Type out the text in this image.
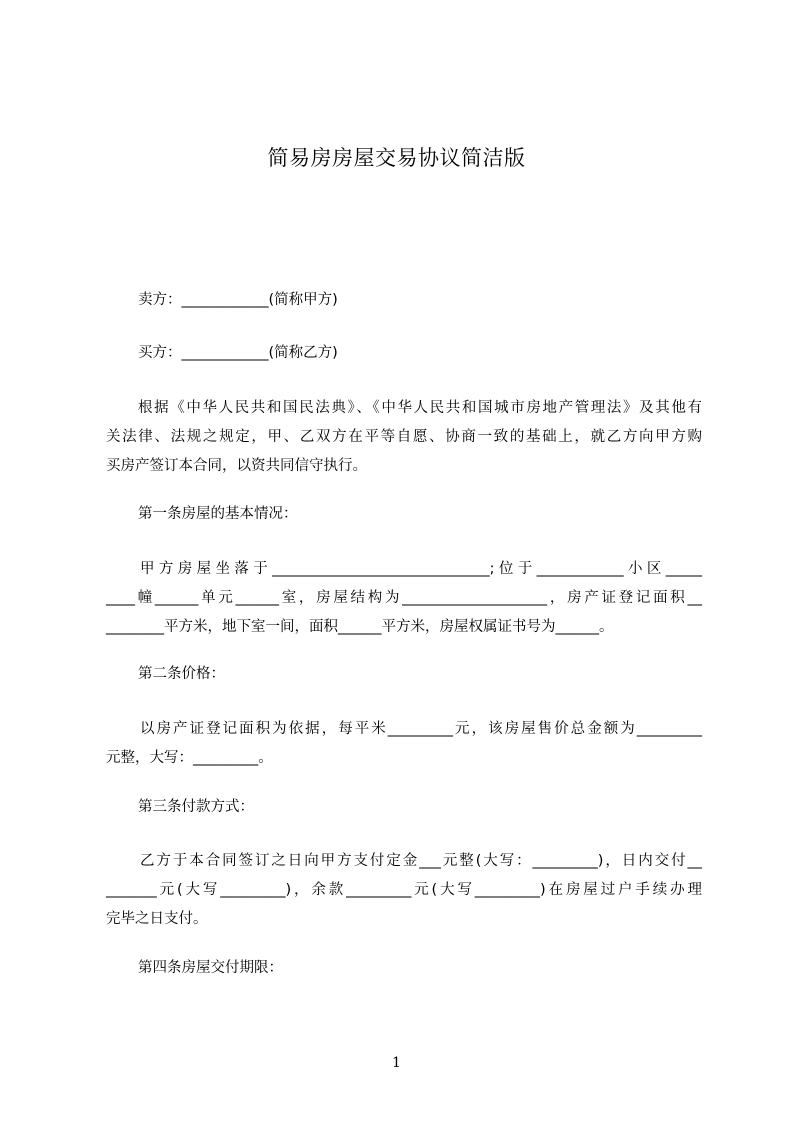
简易房房屋交易协议简洁版
卖方：____________(简称甲方)
买方：____________(简称乙方)
根据《中华人民共和国民法典》、《中华人民共和国城市房地产管理法》及其他有
关法律、法规之规定，甲、乙双方在平等自愿、协商一致的基础上，就乙方向甲方购
买房产签订本合同，以资共同信守执行。
第一条房屋的基本情况：
甲方房屋坐落于______________________________;位于____________小区_____
____幢______单元______室，房屋结构为____________________，房产证登记面积__
________平方米，地下室一间，面积______平方米，房屋权属证书号为______。
第二条价格：
以房产证登记面积为依据，每平米_________元，该房屋售价总金额为_________
元整，大写：_________。
第三条付款方式：
乙方于本合同签订之日向甲方支付定金___元整(大写：_________)，日内交付__
_______元(大写_________)，余款_________元(大写_________)在房屋过户手续办理
完毕之日支付。
第四条房屋交付期限：
1
